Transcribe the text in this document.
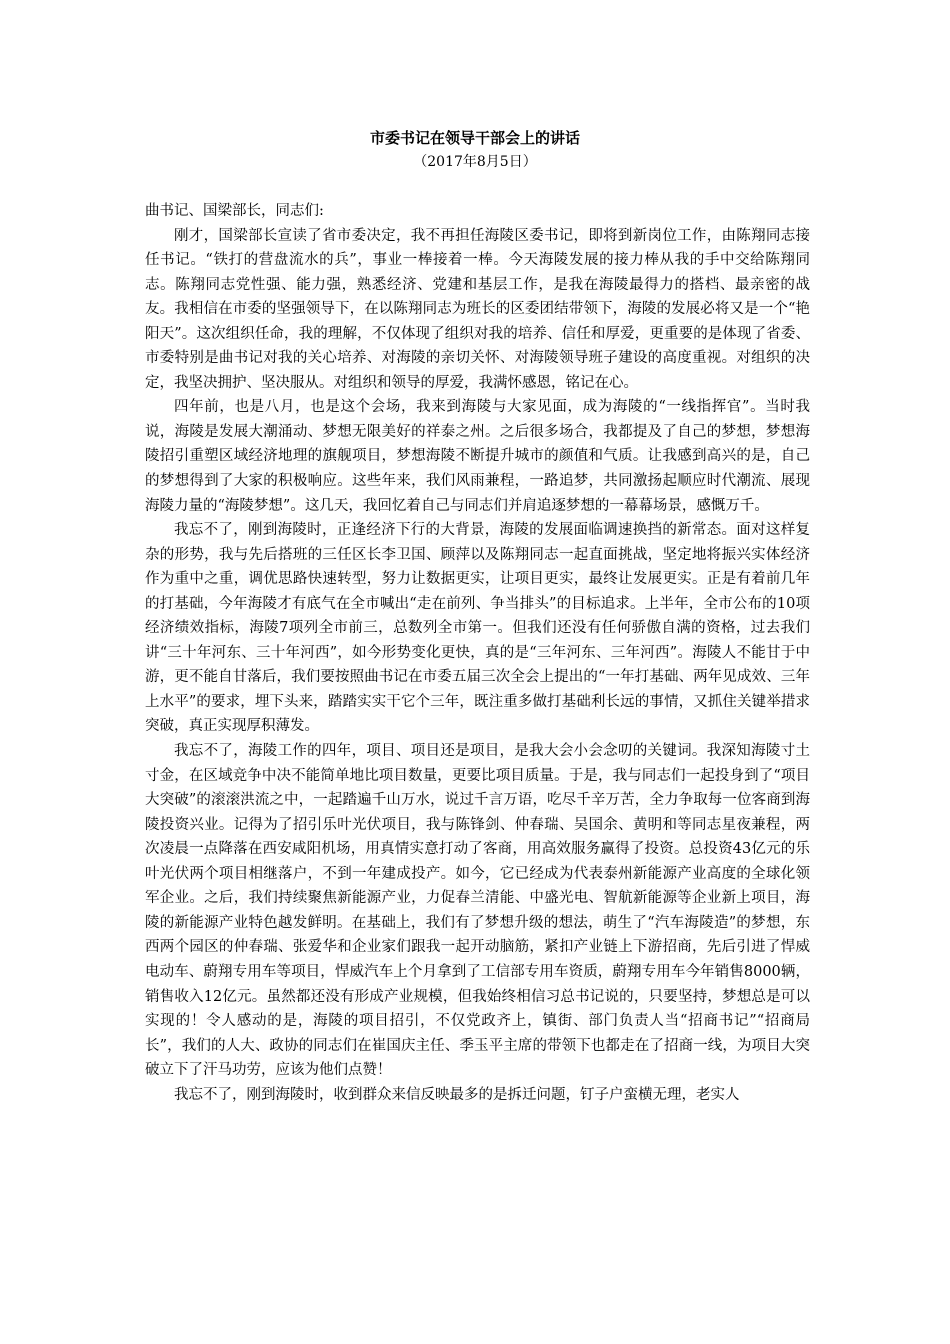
市委书记在领导干部会上的讲话

（2017年8月5日）

曲书记、国梁部长，同志们:

刚才，国梁部长宣读了省市委决定，我不再担任海陵区委书记，即将到新岗位工作，由陈翔同志接任书记。“铁打的营盘流水的兵”，事业一棒接着一棒。今天海陵发展的接力棒从我的手中交给陈翔同志。陈翔同志党性强、能力强，熟悉经济、党建和基层工作，是我在海陵最得力的搭档、最亲密的战友。我相信在市委的坚强领导下，在以陈翔同志为班长的区委团结带领下，海陵的发展必将又是一个“艳阳天”。这次组织任命，我的理解，不仅体现了组织对我的培养、信任和厚爱，更重要的是体现了省委、市委特别是曲书记对我的关心培养、对海陵的亲切关怀、对海陵领导班子建设的高度重视。对组织的决定，我坚决拥护、坚决服从。对组织和领导的厚爱，我满怀感恩，铭记在心。

四年前，也是八月，也是这个会场，我来到海陵与大家见面，成为海陵的“一线指挥官”。当时我说，海陵是发展大潮涌动、梦想无限美好的祥泰之州。之后很多场合，我都提及了自己的梦想，梦想海陵招引重塑区域经济地理的旗舰项目，梦想海陵不断提升城市的颜值和气质。让我感到高兴的是，自己的梦想得到了大家的积极响应。这些年来，我们风雨兼程，一路追梦，共同激扬起顺应时代潮流、展现海陵力量的“海陵梦想”。这几天，我回忆着自己与同志们并肩追逐梦想的一幕幕场景，感慨万千。

我忘不了，刚到海陵时，正逢经济下行的大背景，海陵的发展面临调速换挡的新常态。面对这样复杂的形势，我与先后搭班的三任区长李卫国、顾萍以及陈翔同志一起直面挑战，坚定地将振兴实体经济作为重中之重，调优思路快速转型，努力让数据更实，让项目更实，最终让发展更实。正是有着前几年的打基础，今年海陵才有底气在全市喊出“走在前列、争当排头”的目标追求。上半年，全市公布的10项经济绩效指标，海陵7项列全市前三，总数列全市第一。但我们还没有任何骄傲自满的资格，过去我们讲“三十年河东、三十年河西”，如今形势变化更快，真的是“三年河东、三年河西”。海陵人不能甘于中游，更不能自甘落后，我们要按照曲书记在市委五届三次全会上提出的“一年打基础、两年见成效、三年上水平”的要求，埋下头来，踏踏实实干它个三年，既注重多做打基础利长远的事情，又抓住关键举措求突破，真正实现厚积薄发。

我忘不了，海陵工作的四年，项目、项目还是项目，是我大会小会念叨的关键词。我深知海陵寸土寸金，在区域竞争中决不能简单地比项目数量，更要比项目质量。于是，我与同志们一起投身到了“项目大突破”的滚滚洪流之中，一起踏遍千山万水，说过千言万语，吃尽千辛万苦，全力争取每一位客商到海陵投资兴业。记得为了招引乐叶光伏项目，我与陈锋剑、仲春瑞、吴国余、黄明和等同志星夜兼程，两次凌晨一点降落在西安咸阳机场，用真情实意打动了客商，用高效服务赢得了投资。总投资43亿元的乐叶光伏两个项目相继落户，不到一年建成投产。如今，它已经成为代表泰州新能源产业高度的全球化领军企业。之后，我们持续聚焦新能源产业，力促春兰清能、中盛光电、智航新能源等企业新上项目，海陵的新能源产业特色越发鲜明。在基础上，我们有了梦想升级的想法，萌生了“汽车海陵造”的梦想，东西两个园区的仲春瑞、张爱华和企业家们跟我一起开动脑筋，紧扣产业链上下游招商，先后引进了悍威电动车、蔚翔专用车等项目，悍威汽车上个月拿到了工信部专用车资质，蔚翔专用车今年销售8000辆，销售收入12亿元。虽然都还没有形成产业规模，但我始终相信习总书记说的，只要坚持，梦想总是可以实现的！令人感动的是，海陵的项目招引，不仅党政齐上，镇街、部门负责人当“招商书记”“招商局长”，我们的人大、政协的同志们在崔国庆主任、季玉平主席的带领下也都走在了招商一线，为项目大突破立下了汗马功劳，应该为他们点赞！

我忘不了，刚到海陵时，收到群众来信反映最多的是拆迁问题，钉子户蛮横无理，老实人
